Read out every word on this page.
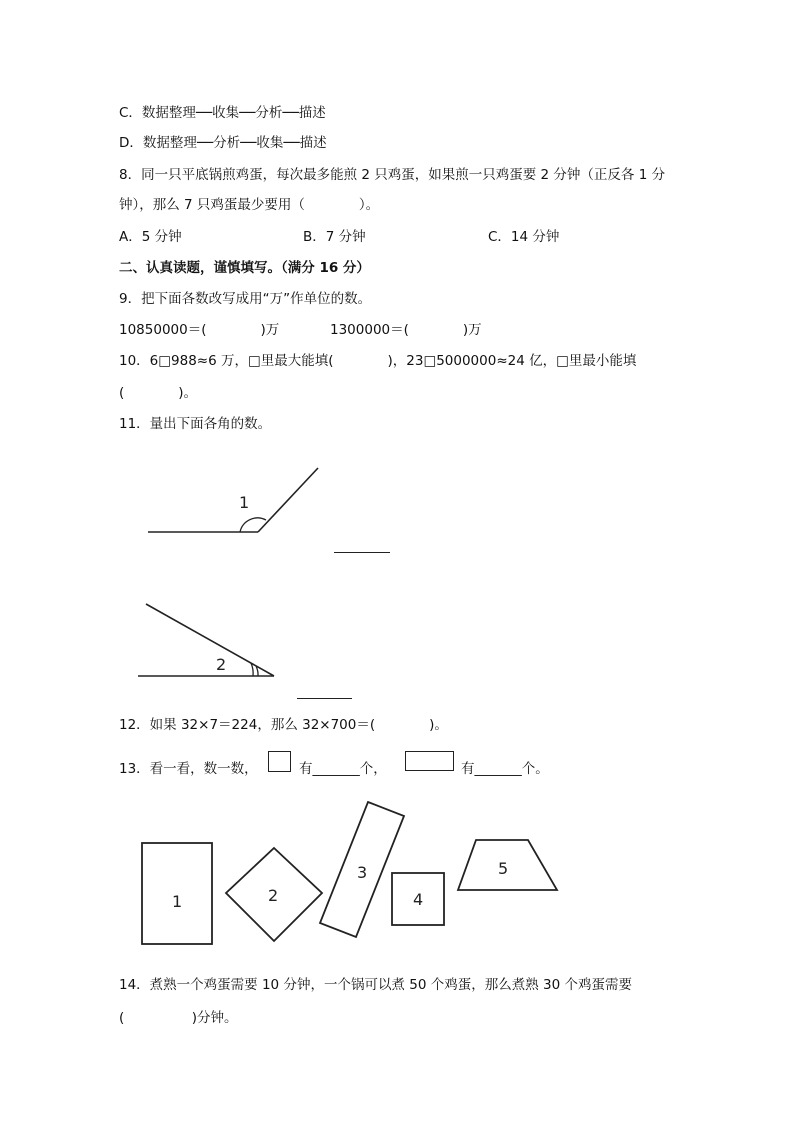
C．数据整理──收集──分析──描述
D．数据整理──分析──收集──描述
8．同一只平底锅煎鸡蛋，每次最多能煎 2 只鸡蛋，如果煎一只鸡蛋要 2 分钟（正反各 1 分
钟），那么 7 只鸡蛋最少要用（　　　　）。
A．5 分钟	B．7 分钟	C．14 分钟
二、认真读题，谨慎填写。（满分 16 分）
9．把下面各数改写成用“万”作单位的数。
10850000＝(　　　　)万	1300000＝(　　　　)万
10．6□988≈6 万，□里最大能填(　　　　)，23□5000000≈24 亿，□里最小能填
(　　　　)。
11．量出下面各角的数。
1
2
12．如果 32×7＝224，那么 32×700＝(　　　　)。
13．看一看，数一数，	有_______个，	有_______个。
1	2
3
4
5
14．煮熟一个鸡蛋需要 10 分钟，一个锅可以煮 50 个鸡蛋，那么煮熟 30 个鸡蛋需要
(　　　　　)分钟。
